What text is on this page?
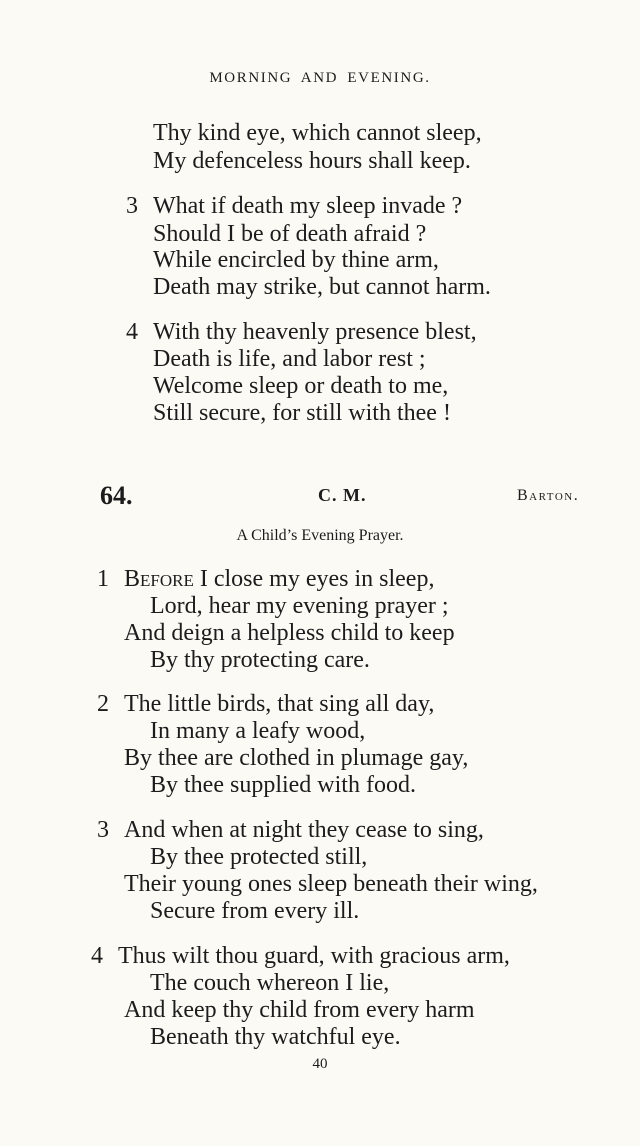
MORNING AND EVENING.
Thy kind eye, which cannot sleep,
My defenceless hours shall keep.
3 What if death my sleep invade ?
Should I be of death afraid ?
While encircled by thine arm,
Death may strike, but cannot harm.
4 With thy heavenly presence blest,
Death is life, and labor rest ;
Welcome sleep or death to me,
Still secure, for still with thee !
64.	C. M.	Barton.
A Child’s Evening Prayer.
1 Before I close my eyes in sleep,
Lord, hear my evening prayer ;
And deign a helpless child to keep
By thy protecting care.
2 The little birds, that sing all day,
In many a leafy wood,
By thee are clothed in plumage gay,
By thee supplied with food.
3 And when at night they cease to sing,
By thee protected still,
Their young ones sleep beneath their wing,
Secure from every ill.
4 Thus wilt thou guard, with gracious arm,
The couch whereon I lie,
And keep thy child from every harm
Beneath thy watchful eye.
40
